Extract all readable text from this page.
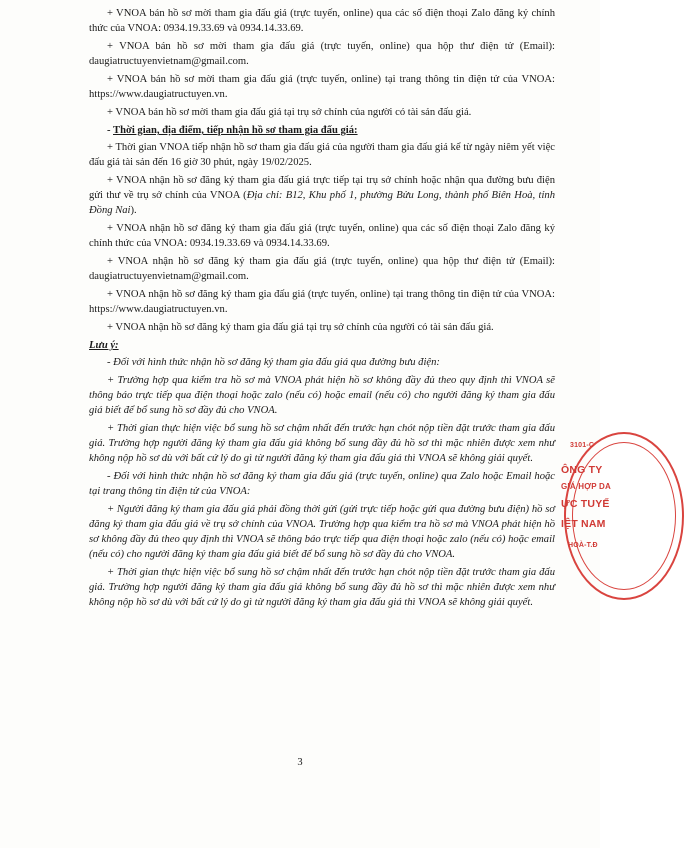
+ VNOA bán hồ sơ mời tham gia đấu giá (trực tuyến, online) qua các số điện thoại Zalo đăng ký chính thức của VNOA: 0934.19.33.69 và 0934.14.33.69.

+ VNOA bán hồ sơ mời tham gia đấu giá (trực tuyến, online) qua hộp thư điện tử (Email): daugiatructuyenvietnam@gmail.com.

+ VNOA bán hồ sơ mời tham gia đấu giá (trực tuyến, online) tại trang thông tin điện tử của VNOA: https://www.daugiatructuyen.vn.

+ VNOA bán hồ sơ mời tham gia đấu giá tại trụ sở chính của người có tài sản đấu giá.

- Thời gian, địa điểm, tiếp nhận hồ sơ tham gia đấu giá:

+ Thời gian VNOA tiếp nhận hồ sơ tham gia đấu giá của người tham gia đấu giá kể từ ngày niêm yết việc đấu giá tài sản đến 16 giờ 30 phút, ngày 19/02/2025.

+ VNOA nhận hồ sơ đăng ký tham gia đấu giá trực tiếp tại trụ sở chính hoặc nhận qua đường bưu điện gửi thư về trụ sở chính của VNOA (Địa chỉ: B12, Khu phố 1, phường Bửu Long, thành phố Biên Hoà, tỉnh Đồng Nai).

+ VNOA nhận hồ sơ đăng ký tham gia đấu giá (trực tuyến, online) qua các số điện thoại Zalo đăng ký chính thức của VNOA: 0934.19.33.69 và 0934.14.33.69.

+ VNOA nhận hồ sơ đăng ký tham gia đấu giá (trực tuyến, online) qua hộp thư điện tử (Email): daugiatructuyenvietnam@gmail.com.

+ VNOA nhận hồ sơ đăng ký tham gia đấu giá (trực tuyến, online) tại trang thông tin điện tử của VNOA: https://www.daugiatructuyen.vn.

+ VNOA nhận hồ sơ đăng ký tham gia đấu giá tại trụ sở chính của người có tài sản đấu giá.

Lưu ý:

- Đối với hình thức nhận hồ sơ đăng ký tham gia đấu giá qua đường bưu điện:

+ Trường hợp qua kiểm tra hồ sơ mà VNOA phát hiện hồ sơ không đầy đủ theo quy định thì VNOA sẽ thông báo trực tiếp qua điện thoại hoặc zalo (nếu có) hoặc email (nếu có) cho người đăng ký tham gia đấu giá biết để bổ sung hồ sơ đầy đủ cho VNOA.

+ Thời gian thực hiện việc bổ sung hồ sơ chậm nhất đến trước hạn chót nộp tiền đặt trước tham gia đấu giá. Trường hợp người đăng ký tham gia đấu giá không bổ sung đầy đủ hồ sơ thì mặc nhiên được xem như không nộp hồ sơ dù với bất cứ lý do gì từ người đăng ký tham gia đấu giá thì VNOA sẽ không giải quyết.

- Đối với hình thức nhận hồ sơ đăng ký tham gia đấu giá (trực tuyến, online) qua Zalo hoặc Email hoặc tại trang thông tin điện tử của VNOA:

+ Người đăng ký tham gia đấu giá phải đồng thời gửi (gửi trực tiếp hoặc gửi qua đường bưu điện) hồ sơ đăng ký tham gia đấu giá về trụ sở chính của VNOA. Trường hợp qua kiểm tra hồ sơ mà VNOA phát hiện hồ sơ không đầy đủ theo quy định thì VNOA sẽ thông báo trực tiếp qua điện thoại hoặc zalo (nếu có) hoặc email (nếu có) cho người đăng ký tham gia đấu giá biết để bổ sung hồ sơ đầy đủ cho VNOA.

+ Thời gian thực hiện việc bổ sung hồ sơ chậm nhất đến trước hạn chót nộp tiền đặt trước tham gia đấu giá. Trường hợp người đăng ký tham gia đấu giá không bổ sung đầy đủ hồ sơ thì mặc nhiên được xem như không nộp hồ sơ dù với bất cứ lý do gì từ người đăng ký tham gia đấu giá thì VNOA sẽ không giải quyết.

3
3101-C
ÔNG TY
GIÁ HỢP DA
ỰC TUYẾ
IỆT NAM
HOÀ-T.Đ
